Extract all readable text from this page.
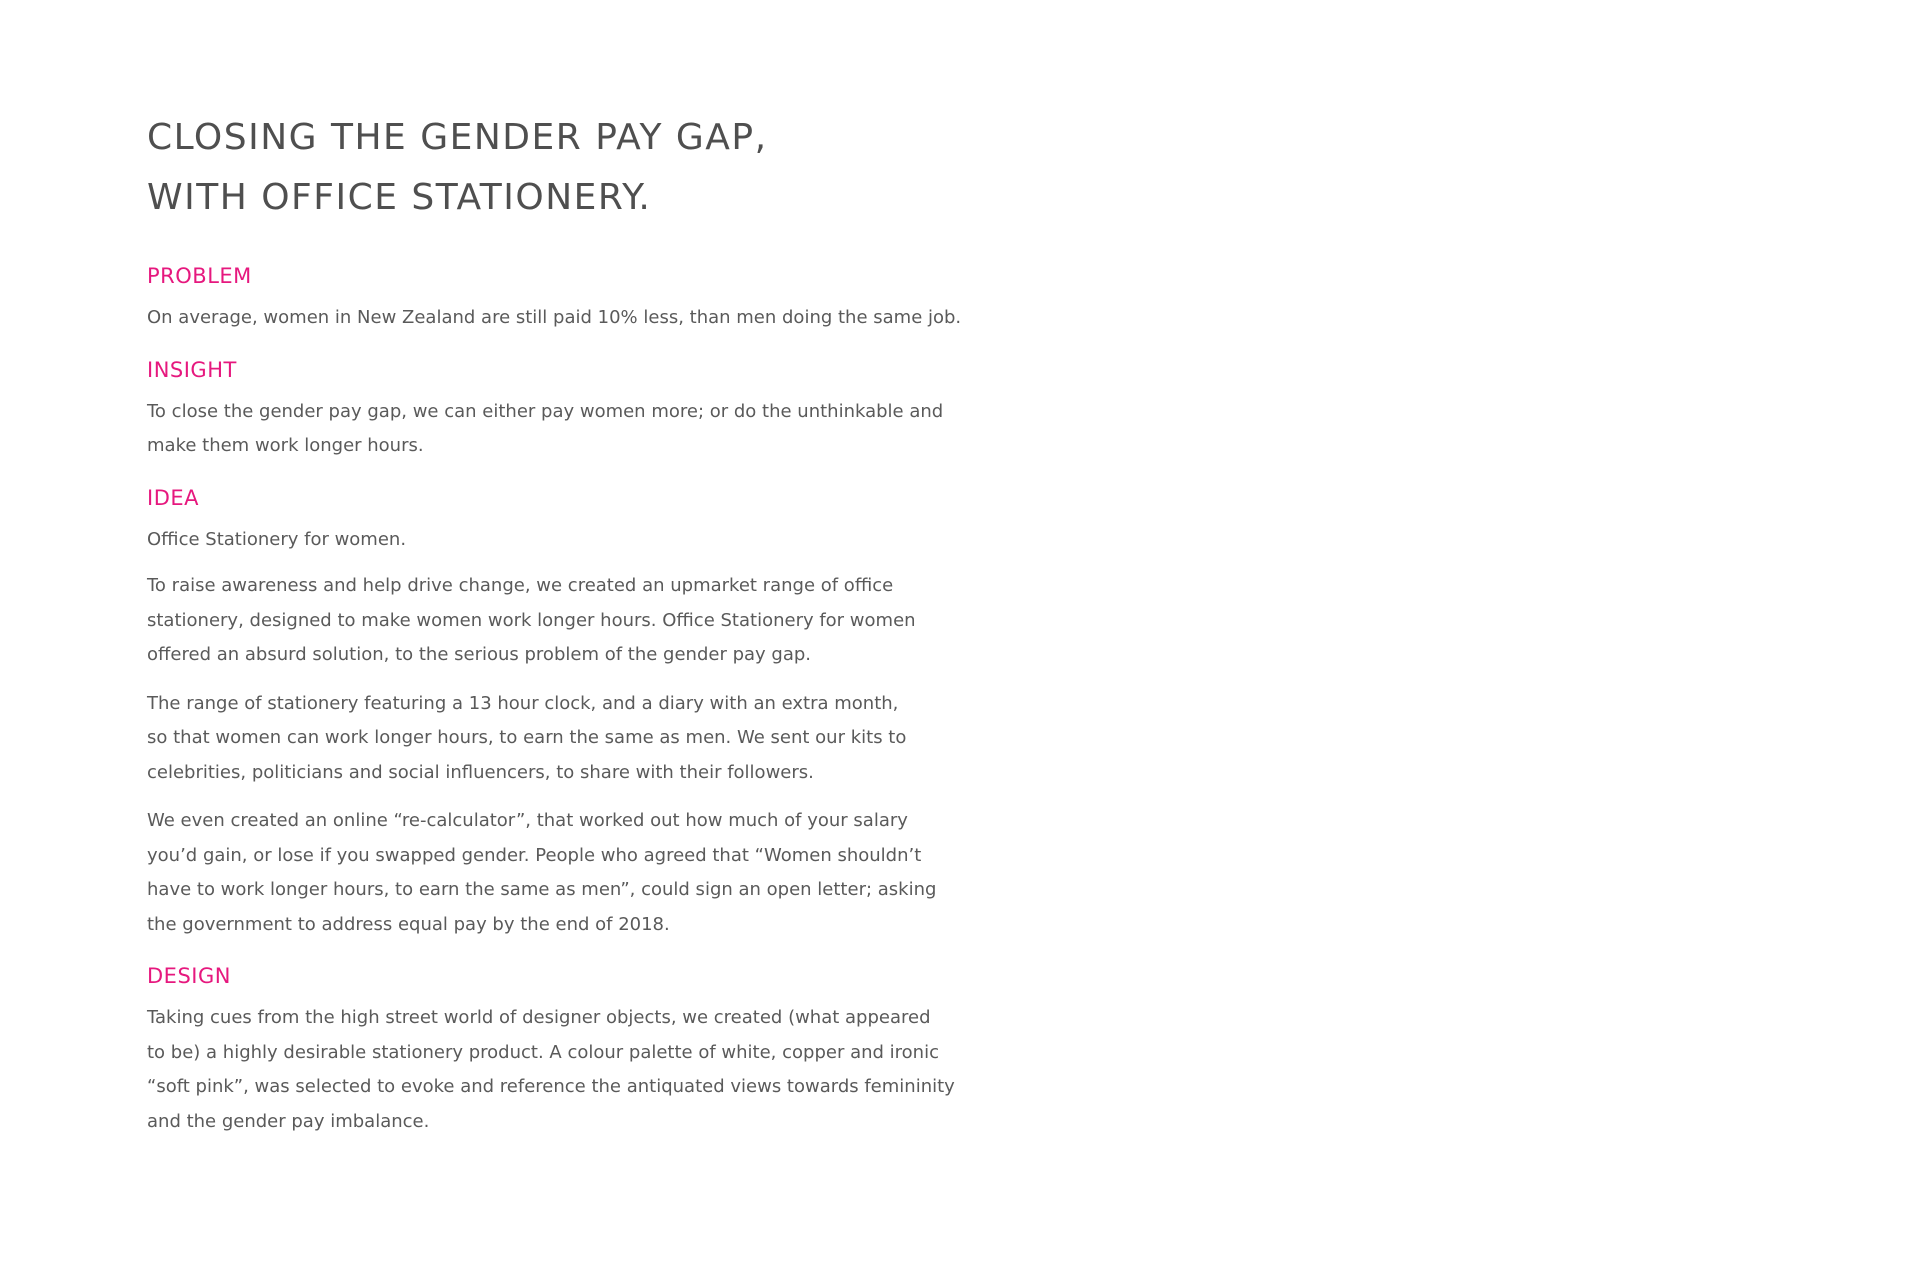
CLOSING THE GENDER PAY GAP,
WITH OFFICE STATIONERY.
PROBLEM

On average, women in New Zealand are still paid 10% less, than men doing the same job.

INSIGHT

To close the gender pay gap, we can either pay women more; or do the unthinkable and
make them work longer hours.

IDEA

Office Stationery for women.

To raise awareness and help drive change, we created an upmarket range of office
stationery, designed to make women work longer hours. Office Stationery for women
offered an absurd solution, to the serious problem of the gender pay gap.

The range of stationery featuring a 13 hour clock, and a diary with an extra month,
so that women can work longer hours, to earn the same as men. We sent our kits to
celebrities, politicians and social influencers, to share with their followers.

We even created an online “re-calculator”, that worked out how much of your salary
you’d gain, or lose if you swapped gender. People who agreed that “Women shouldn’t
have to work longer hours, to earn the same as men”, could sign an open letter; asking
the government to address equal pay by the end of 2018.

DESIGN

Taking cues from the high street world of designer objects, we created (what appeared
to be) a highly desirable stationery product. A colour palette of white, copper and ironic
“soft pink”, was selected to evoke and reference the antiquated views towards femininity
and the gender pay imbalance.
